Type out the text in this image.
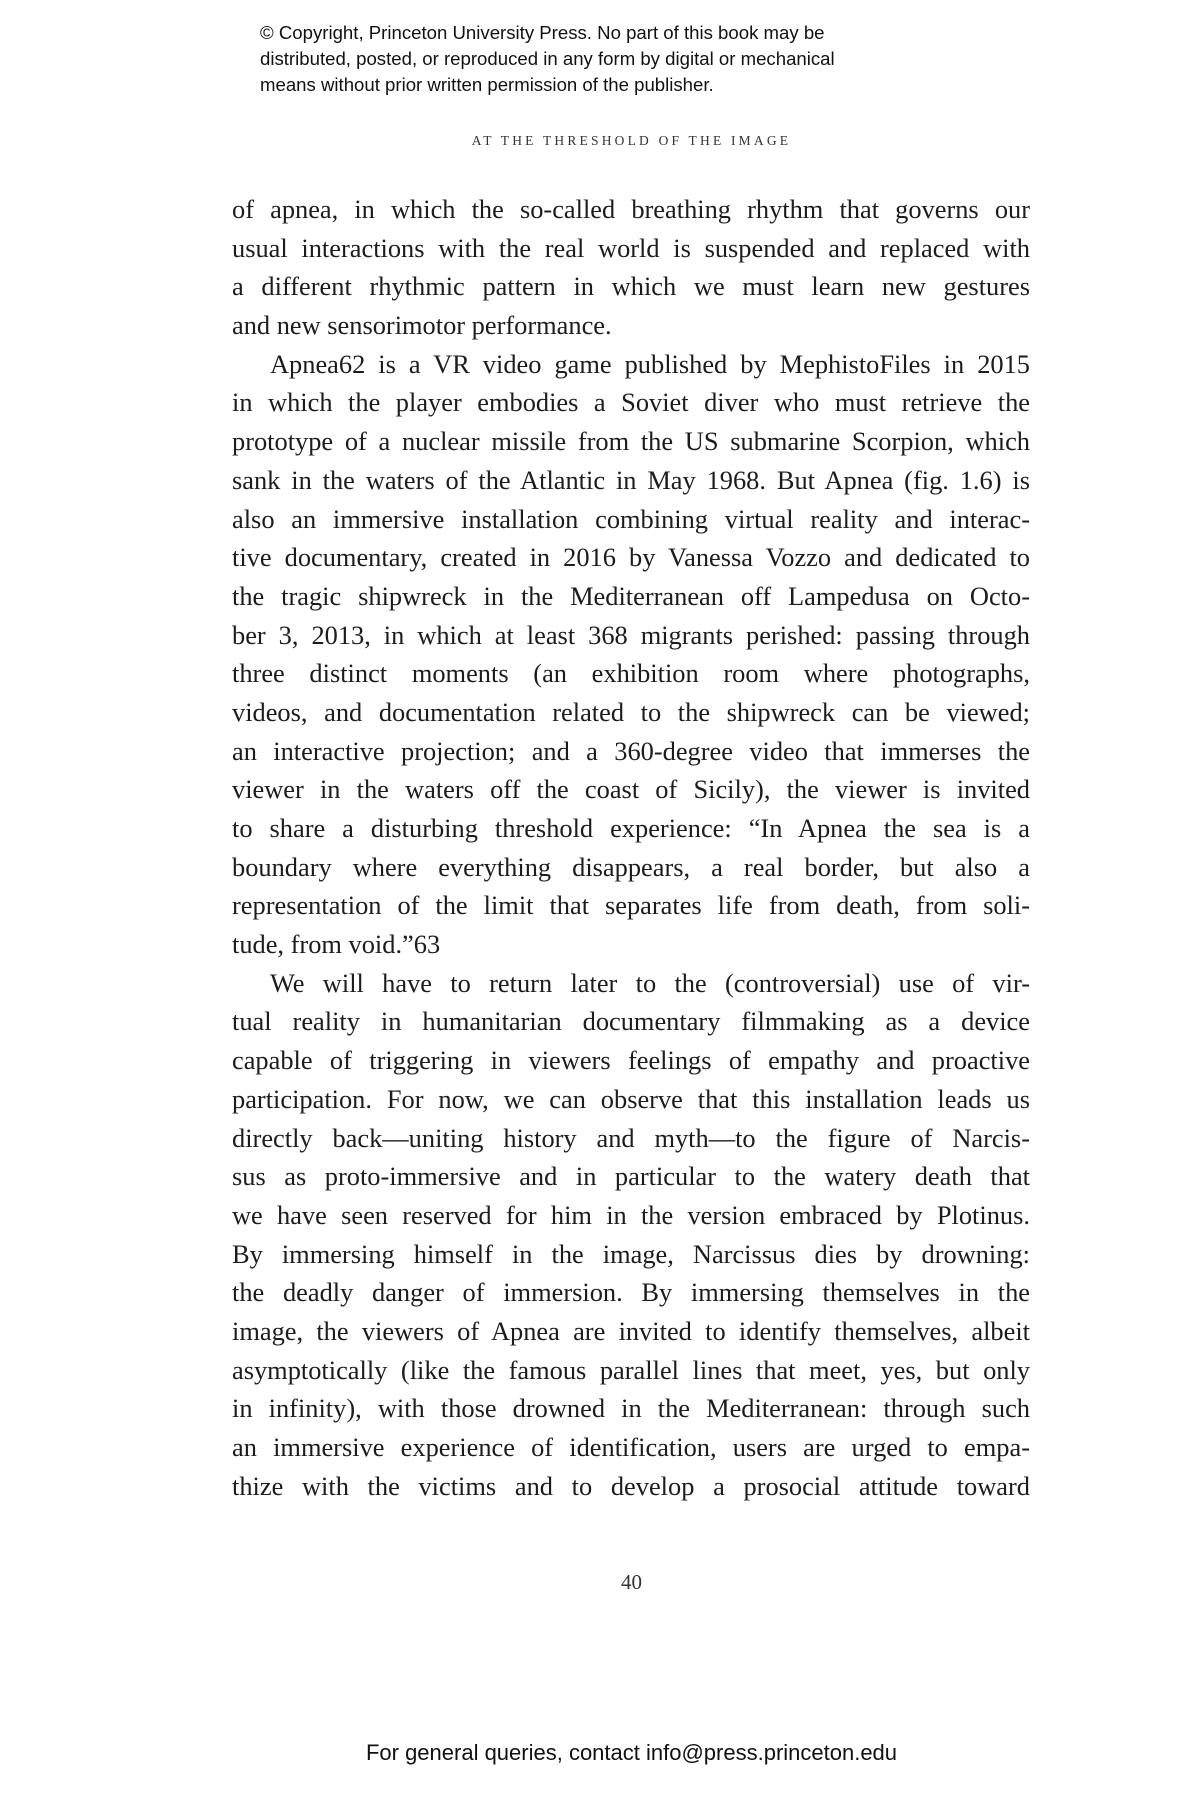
© Copyright, Princeton University Press. No part of this book may be
distributed, posted, or reproduced in any form by digital or mechanical
means without prior written permission of the publisher.
AT THE THRESHOLD OF THE IMAGE
of apnea, in which the so-called breathing rhythm that governs our
usual interactions with the real world is suspended and replaced with
a different rhythmic pattern in which we must learn new gestures
and new sensorimotor performance.
Apnea62 is a VR video game published by MephistoFiles in 2015
in which the player embodies a Soviet diver who must retrieve the
prototype of a nuclear missile from the US submarine Scorpion, which
sank in the waters of the Atlantic in May 1968. But Apnea (fig. 1.6) is
also an immersive installation combining virtual reality and interac-
tive documentary, created in 2016 by Vanessa Vozzo and dedicated to
the tragic shipwreck in the Mediterranean off Lampedusa on Octo-
ber 3, 2013, in which at least 368 migrants perished: passing through
three distinct moments (an exhibition room where photographs,
videos, and documentation related to the shipwreck can be viewed;
an interactive projection; and a 360-degree video that immerses the
viewer in the waters off the coast of Sicily), the viewer is invited
to share a disturbing threshold experience: “In Apnea the sea is a
boundary where everything disappears, a real border, but also a
representation of the limit that separates life from death, from soli-
tude, from void.”63
We will have to return later to the (controversial) use of vir-
tual reality in humanitarian documentary filmmaking as a device
capable of triggering in viewers feelings of empathy and proactive
participation. For now, we can observe that this installation leads us
directly back—uniting history and myth—to the figure of Narcis-
sus as proto-immersive and in particular to the watery death that
we have seen reserved for him in the version embraced by Plotinus.
By immersing himself in the image, Narcissus dies by drowning:
the deadly danger of immersion. By immersing themselves in the
image, the viewers of Apnea are invited to identify themselves, albeit
asymptotically (like the famous parallel lines that meet, yes, but only
in infinity), with those drowned in the Mediterranean: through such
an immersive experience of identification, users are urged to empa-
thize with the victims and to develop a prosocial attitude toward
40
For general queries, contact info@press.princeton.edu
